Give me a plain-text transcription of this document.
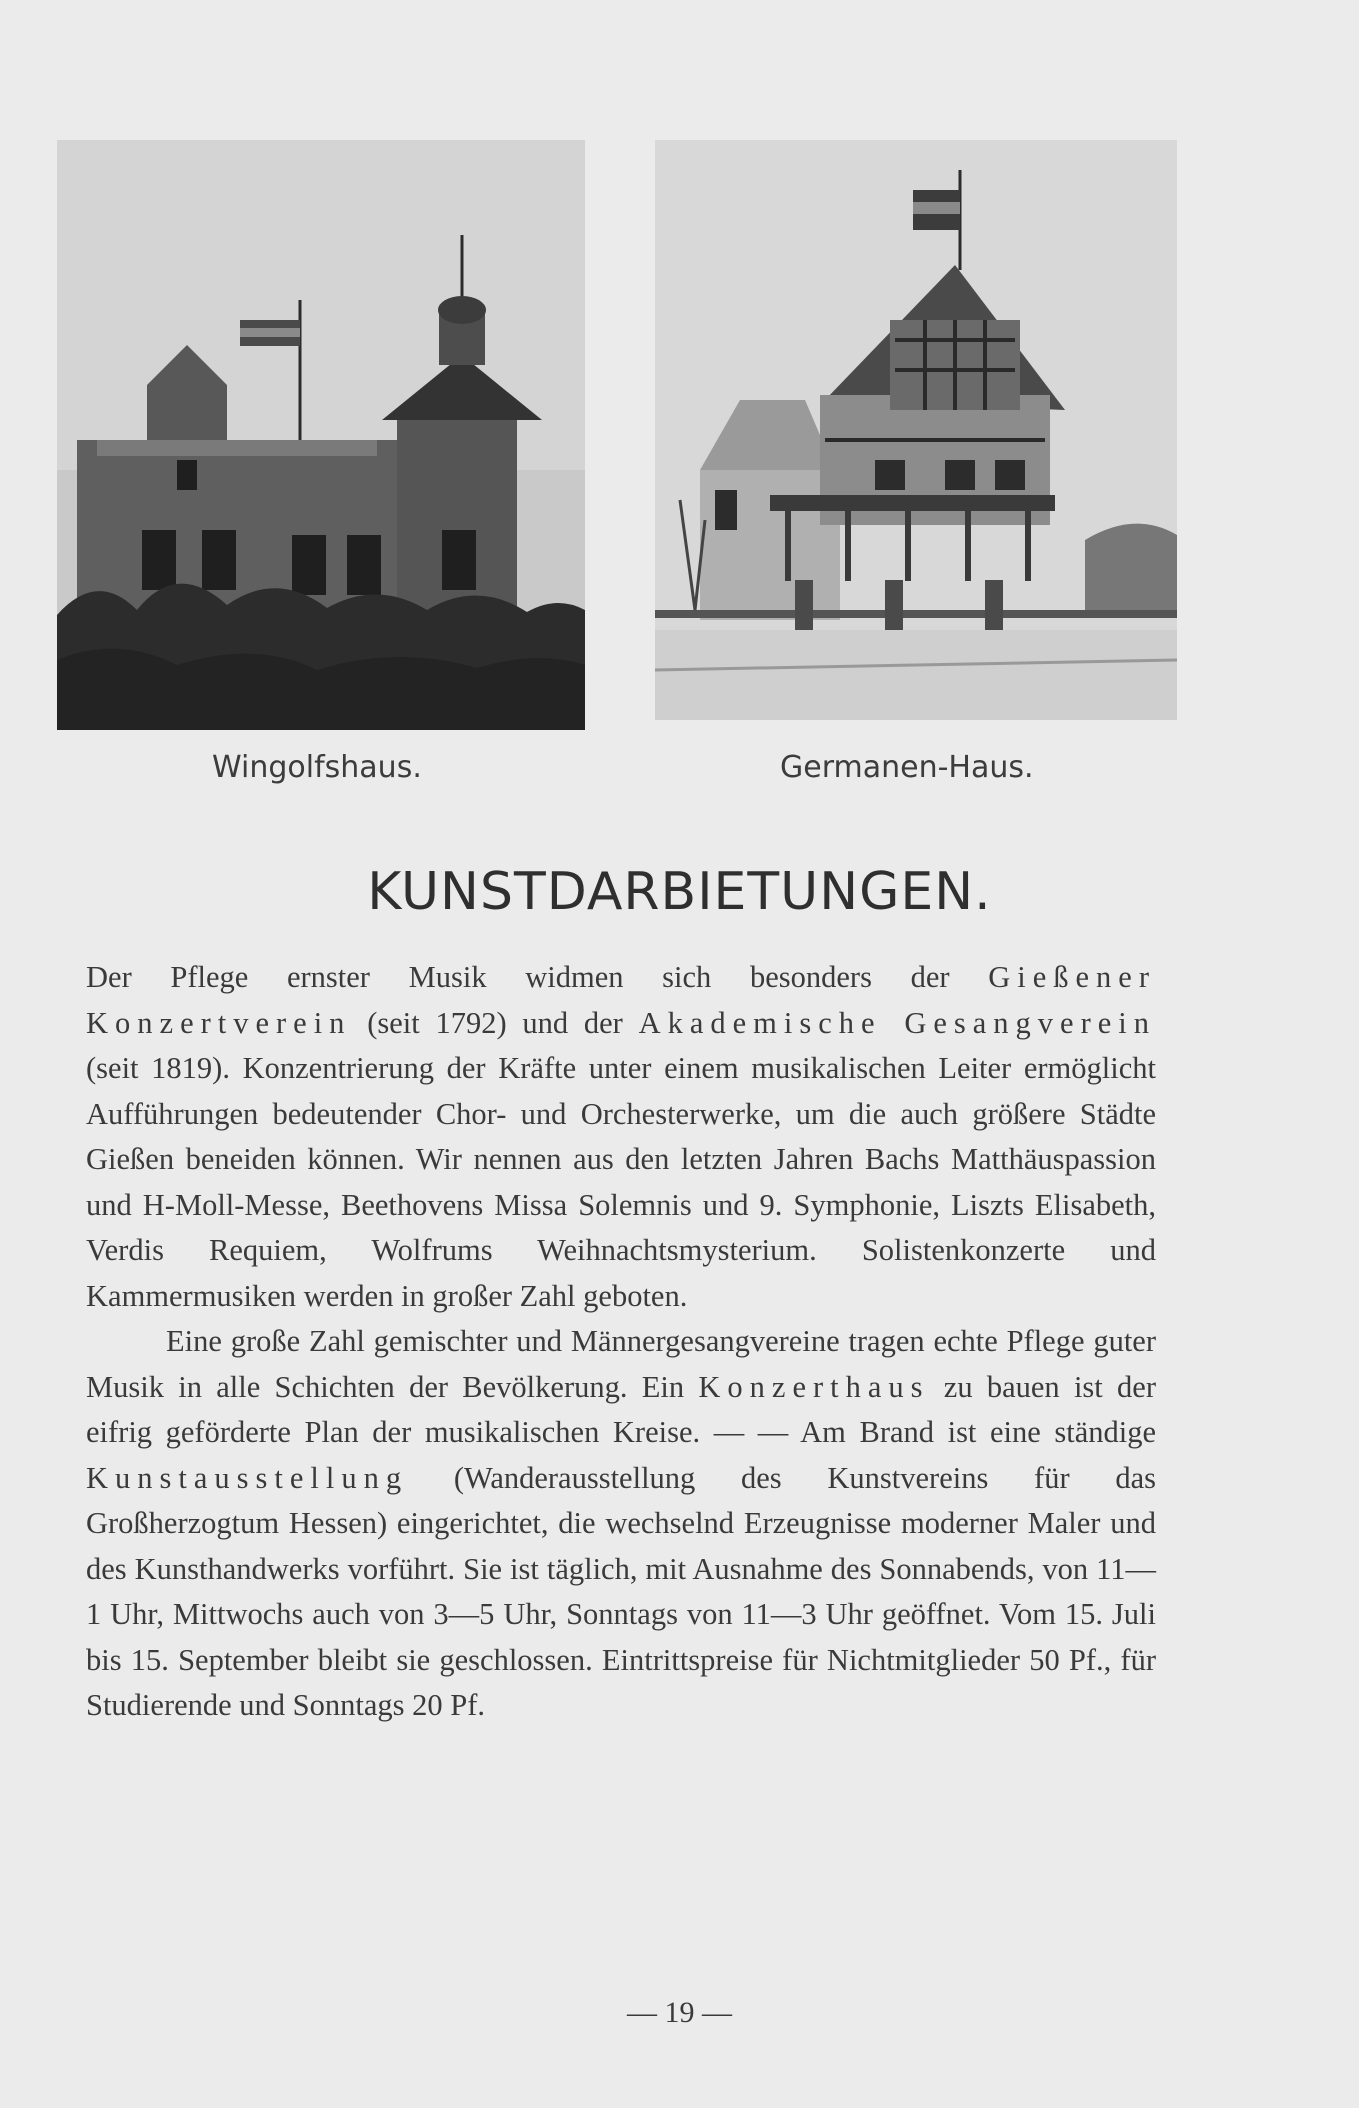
Wingolfshaus.	Germanen-Haus.
KUNSTDARBIETUNGEN.

Der Pflege ernster Musik widmen sich besonders der Gießener Konzertverein (seit 1792) und der Akademische Gesangverein (seit 1819). Konzentrierung der Kräfte unter einem musikalischen Leiter ermöglicht Aufführungen bedeutender Chor- und Orchesterwerke, um die auch größere Städte Gießen beneiden können. Wir nennen aus den letzten Jahren Bachs Matthäuspassion und H-Moll-Messe, Beethovens Missa Solemnis und 9. Symphonie, Liszts Elisabeth, Verdis Requiem, Wolfrums Weihnachtsmysterium. Solistenkonzerte und Kammermusiken werden in großer Zahl geboten.

Eine große Zahl gemischter und Männergesangvereine tragen echte Pflege guter Musik in alle Schichten der Bevölkerung. Ein Konzerthaus zu bauen ist der eifrig geförderte Plan der musikalischen Kreise. — — Am Brand ist eine ständige Kunstausstellung (Wanderausstellung des Kunstvereins für das Großherzogtum Hessen) eingerichtet, die wechselnd Erzeugnisse moderner Maler und des Kunsthandwerks vorführt. Sie ist täglich, mit Ausnahme des Sonnabends, von 11—1 Uhr, Mittwochs auch von 3—5 Uhr, Sonntags von 11—3 Uhr geöffnet. Vom 15. Juli bis 15. September bleibt sie geschlossen. Eintrittspreise für Nichtmitglieder 50 Pf., für Studierende und Sonntags 20 Pf.

— 19 —
